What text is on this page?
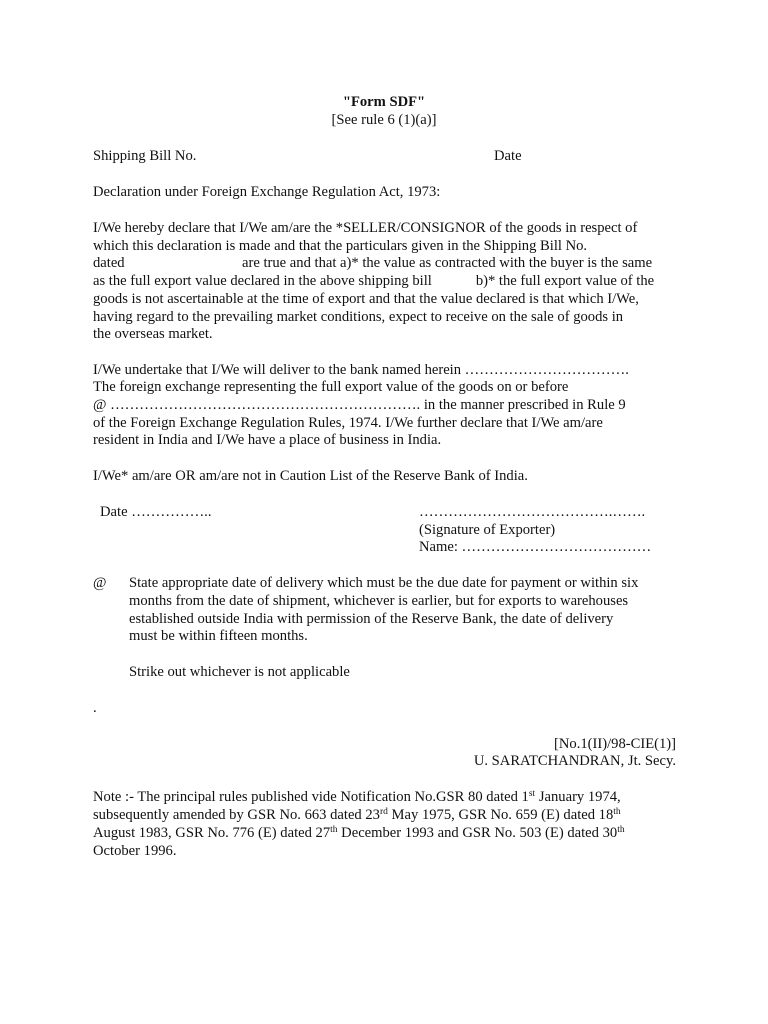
"Form SDF"
[See rule 6 (1)(a)]
Shipping Bill No.	Date
Declaration under Foreign Exchange Regulation Act, 1973:
I/We hereby declare that I/We am/are the *SELLER/CONSIGNOR of the goods in respect of
which this declaration is made and that the particulars given in the Shipping Bill No.
dated	are true and that a)* the value as contracted with the buyer is the same
as the full export value declared in the above shipping bill	b)* the full export value of the
goods is not ascertainable at the time of export and that the value declared is that which I/We,
having regard to the prevailing market conditions, expect to receive on the sale of goods in
the overseas market.
I/We undertake that I/We will deliver to the bank named herein …………………………….
The foreign exchange representing the full export value of the goods on or before
@ ………………………………………………………. in the manner prescribed in Rule 9
of the Foreign Exchange Regulation Rules, 1974. I/We further declare that I/We am/are
resident in India and I/We have a place of business in India.
I/We* am/are OR am/are not in Caution List of the Reserve Bank of India.
Date ……………..	………………………………….…….
(Signature of Exporter)
Name: …………………………………
@ State appropriate date of delivery which must be the due date for payment or within six
months from the date of shipment, whichever is earlier, but for exports to warehouses
established outside India with permission of the Reserve Bank, the date of delivery
must be within fifteen months.
Strike out whichever is not applicable
.
[No.1(II)/98-CIE(1)]
U. SARATCHANDRAN, Jt. Secy.
Note :- The principal rules published vide Notification No.GSR 80 dated 1st January 1974,
subsequently amended by GSR No. 663 dated 23rd May 1975, GSR No. 659 (E) dated 18th
August 1983, GSR No. 776 (E) dated 27th December 1993 and GSR No. 503 (E) dated 30th
October 1996.
